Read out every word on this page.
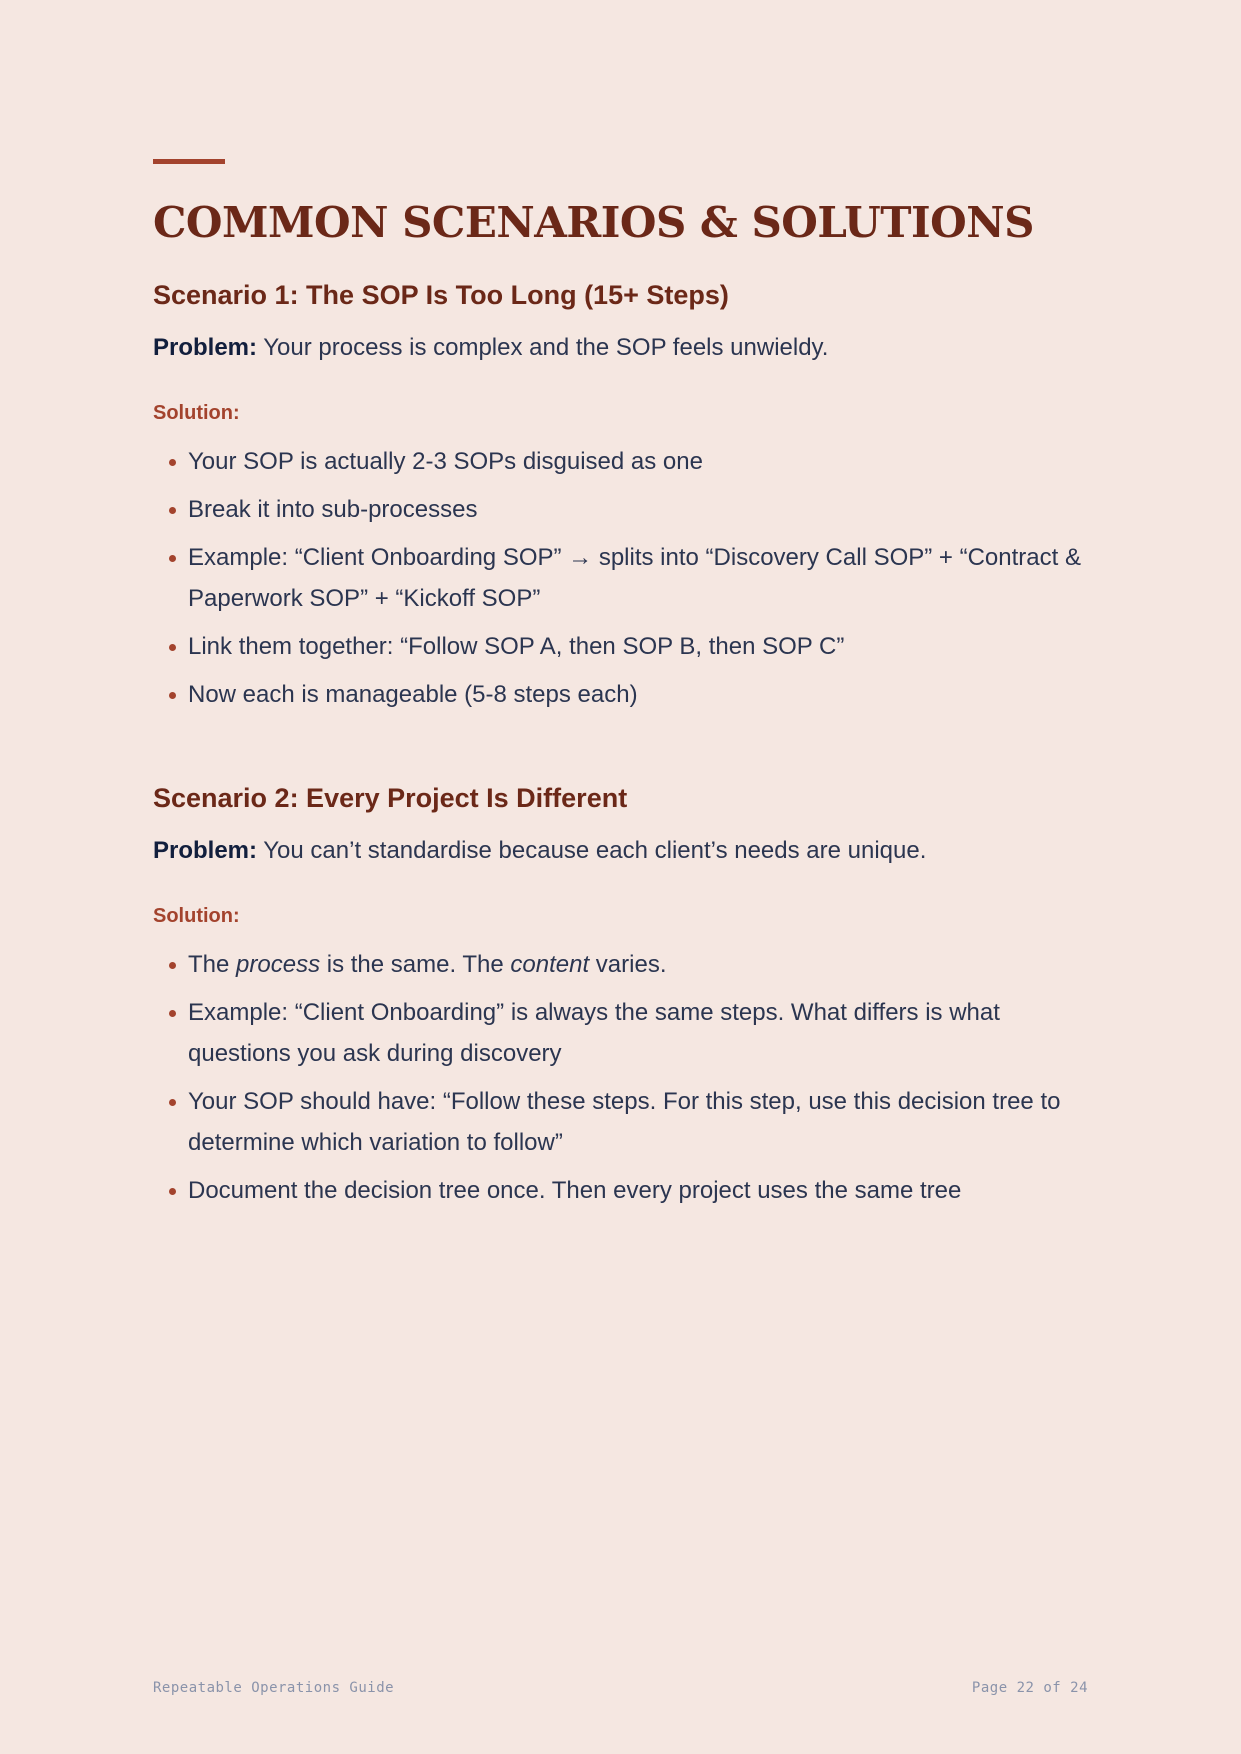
COMMON SCENARIOS & SOLUTIONS
Scenario 1: The SOP Is Too Long (15+ Steps)

Problem: Your process is complex and the SOP feels unwieldy.

Solution:

Your SOP is actually 2-3 SOPs disguised as one
Break it into sub-processes
Example: “Client Onboarding SOP” → splits into “Discovery Call SOP” + “Contract & Paperwork SOP” + “Kickoff SOP”
Link them together: “Follow SOP A, then SOP B, then SOP C”
Now each is manageable (5-8 steps each)
Scenario 2: Every Project Is Different

Problem: You can’t standardise because each client’s needs are unique.

Solution:

The process is the same. The content varies.
Example: “Client Onboarding” is always the same steps. What differs is what questions you ask during discovery
Your SOP should have: “Follow these steps. For this step, use this decision tree to determine which variation to follow”
Document the decision tree once. Then every project uses the same tree
Repeatable Operations Guide	Page 22 of 24
